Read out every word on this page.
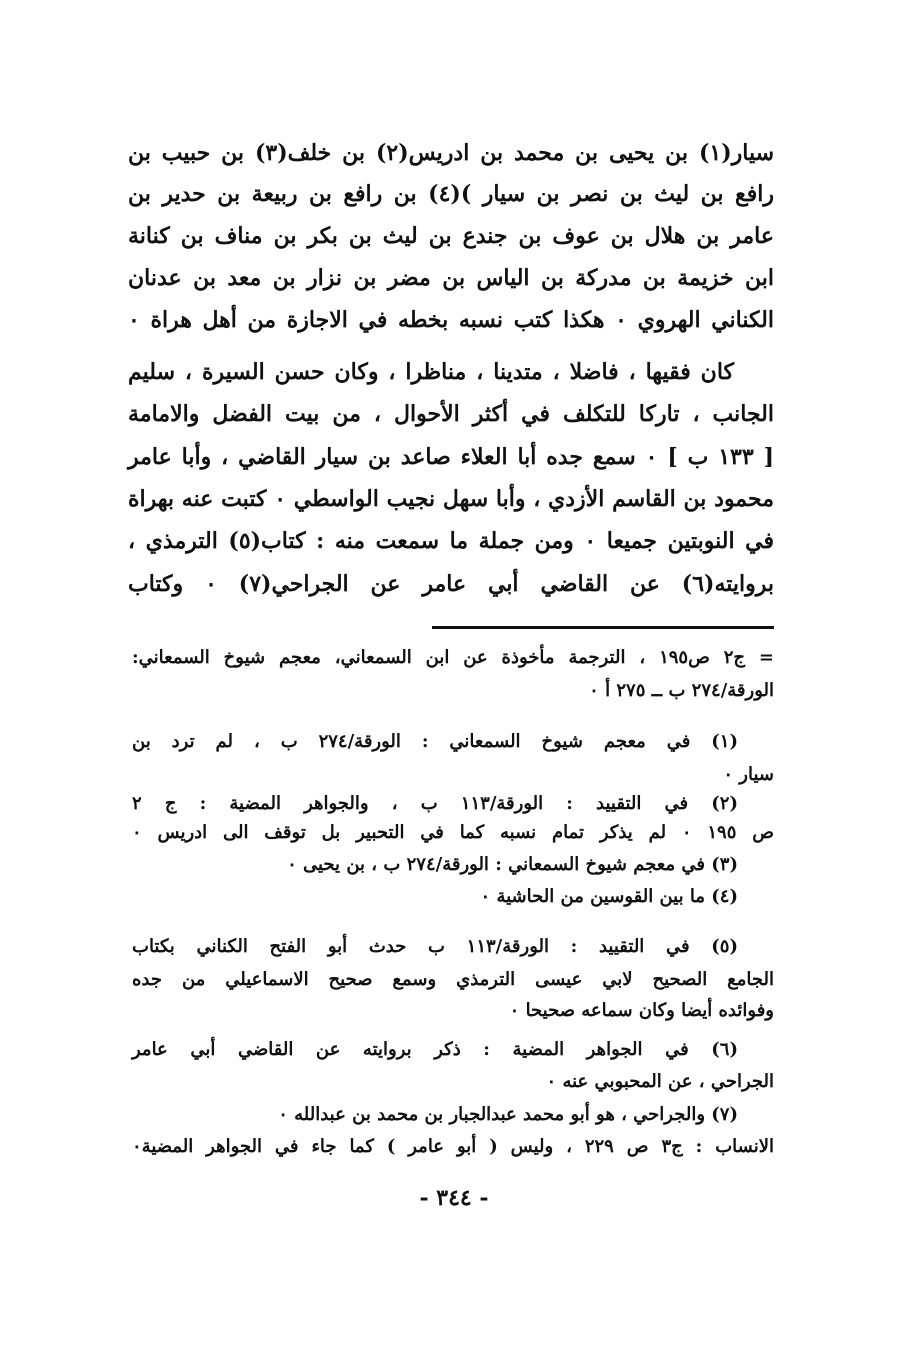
سيار(١) بن يحيى بن محمد بن ادريس(٢) بن خلف(٣) بن حبيب بن
رافع بن ليث بن نصر بن سيار )(٤) بن رافع بن ربيعة بن حدير بن
عامر بن هلال بن عوف بن جندع بن ليث بن بكر بن مناف بن كنانة
ابن خزيمة بن مدركة بن الياس بن مضر بن نزار بن معد بن عدنان
الكناني الهروي ٠ هكذا كتب نسبه بخطه في الاجازة من أهل هراة ٠
كان فقيها ، فاضلا ، متدينا ، مناظرا ، وكان حسن السيرة ، سليم
الجانب ، تاركا للتكلف في أكثر الأحوال ، من بيت الفضل والامامة
[ ١٣٣ ب ] ٠ سمع جده أبا العلاء صاعد بن سيار القاضي ، وأبا عامر
محمود بن القاسم الأزدي ، وأبا سهل نجيب الواسطي ٠ كتبت عنه بهراة
في النوبتين جميعا ٠ ومن جملة ما سمعت منه : كتاب(٥) الترمذي ،
بروايته(٦) عن القاضي أبي عامر عن الجراحي(٧) ٠ وكتاب
= ج٢ ص١٩٥ ، الترجمة مأخوذة عن ابن السمعاني، معجم شيوخ السمعاني:
الورقة/٢٧٤ ب ــ ٢٧٥ أ ٠
(١) في معجم شيوخ السمعاني : الورقة/٢٧٤ ب ، لم ترد بن
سيار ٠
(٢) في التقييد : الورقة/١١٣ ب ، والجواهر المضية : ج ٢
ص ١٩٥ ٠ لم يذكر تمام نسبه كما في التحبير بل توقف الى ادريس ٠
(٣) في معجم شيوخ السمعاني : الورقة/٢٧٤ ب ، بن يحيى ٠
(٤) ما بين القوسين من الحاشية ٠
(٥) في التقييد : الورقة/١١٣ ب حدث أبو الفتح الكناني بكتاب
الجامع الصحيح لابي عيسى الترمذي وسمع صحيح الاسماعيلي من جده
وفوائده أيضا وكان سماعه صحيحا ٠
(٦) في الجواهر المضية : ذكر بروايته عن القاضي أبي عامر
الجراحي ، عن المحبوبي عنه ٠
(٧) والجراحي ، هو أبو محمد عبدالجبار بن محمد بن عبدالله ٠
الانساب : ج٣ ص ٢٢٩ ، وليس ( أبو عامر ) كما جاء في الجواهر المضية٠
- ٣٤٤ -
